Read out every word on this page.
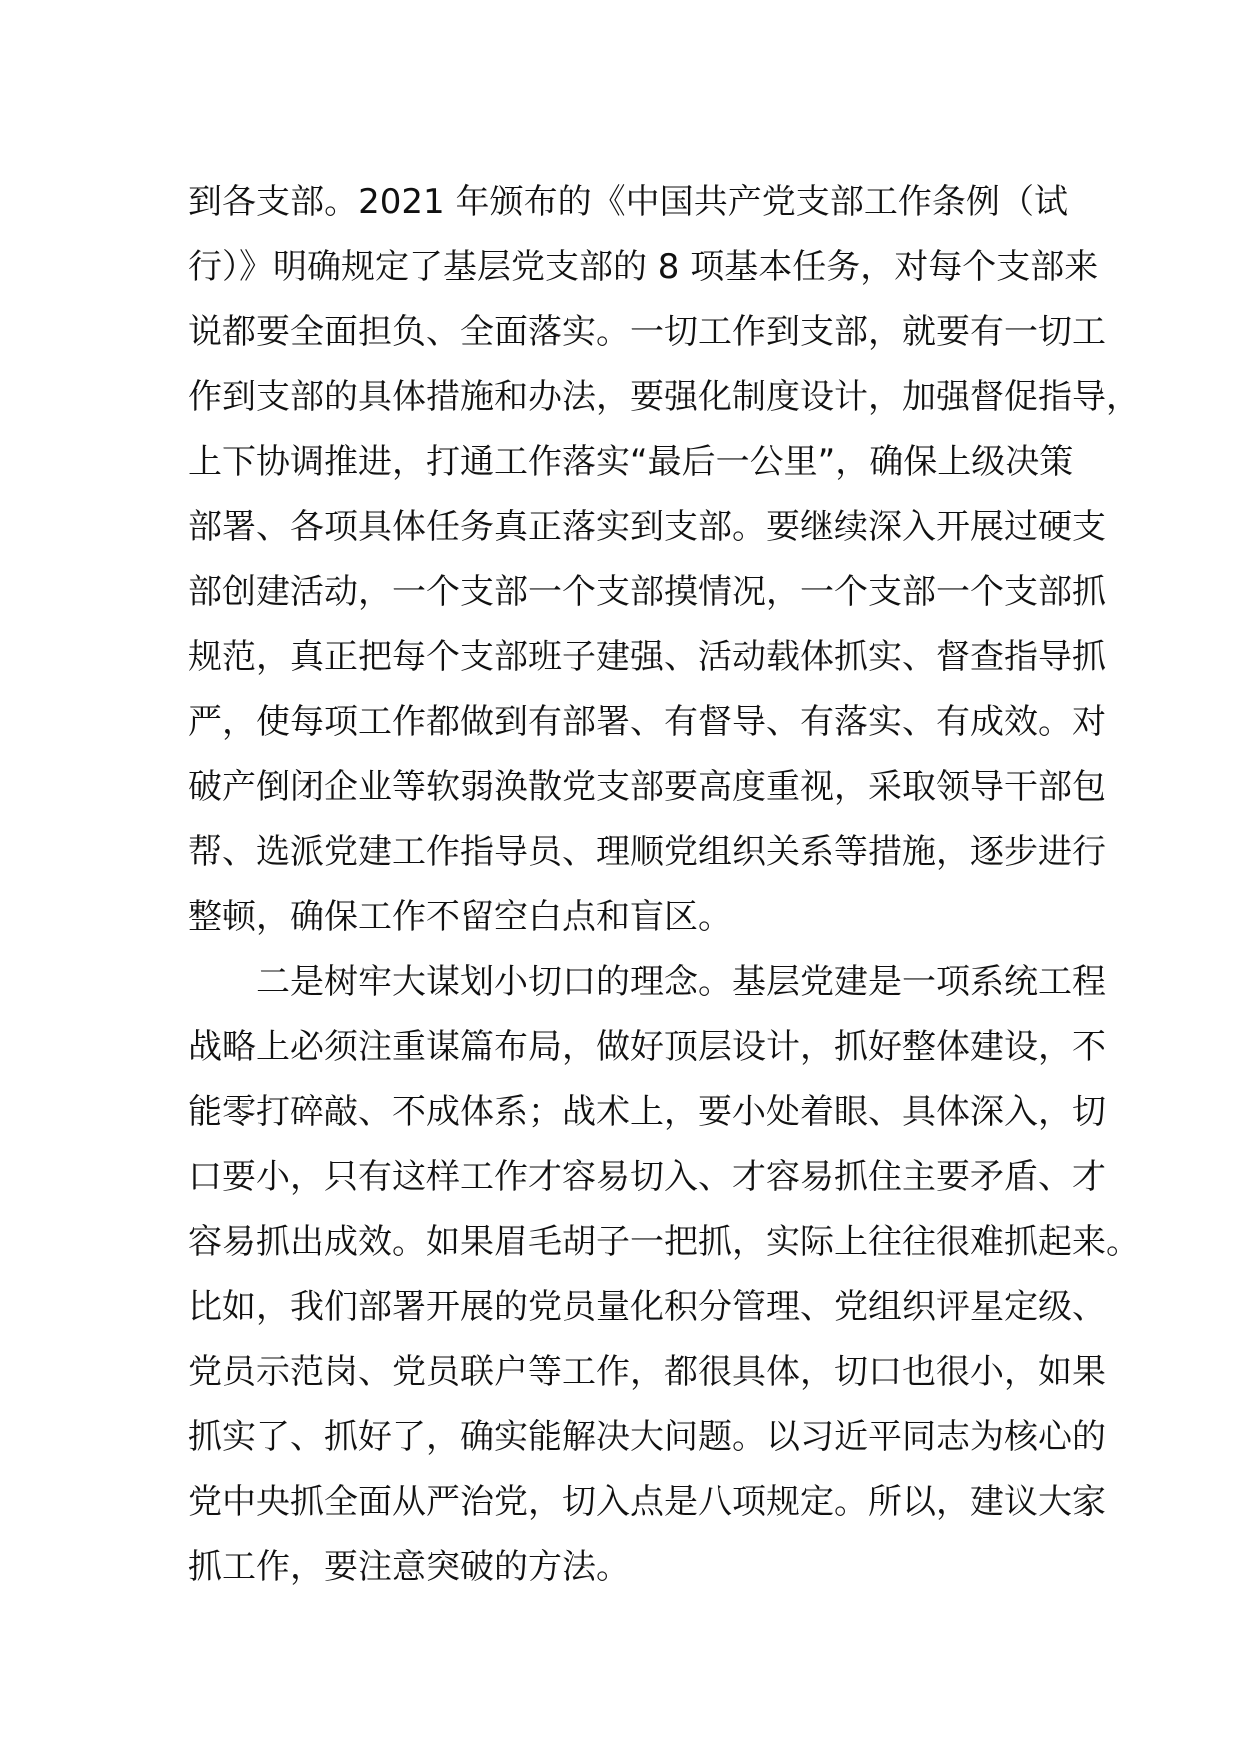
到各支部。2021 年颁布的《中国共产党支部工作条例（试
行）》明确规定了基层党支部的 8 项基本任务，对每个支部来
说都要全面担负、全面落实。一切工作到支部，就要有一切工
作到支部的具体措施和办法，要强化制度设计，加强督促指导，
上下协调推进，打通工作落实“最后一公里”，确保上级决策
部署、各项具体任务真正落实到支部。要继续深入开展过硬支
部创建活动，一个支部一个支部摸情况，一个支部一个支部抓
规范，真正把每个支部班子建强、活动载体抓实、督查指导抓
严，使每项工作都做到有部署、有督导、有落实、有成效。对
破产倒闭企业等软弱涣散党支部要高度重视，采取领导干部包
帮、选派党建工作指导员、理顺党组织关系等措施，逐步进行
整顿，确保工作不留空白点和盲区。
二是树牢大谋划小切口的理念。基层党建是一项系统工程
战略上必须注重谋篇布局，做好顶层设计，抓好整体建设，不
能零打碎敲、不成体系；战术上，要小处着眼、具体深入，切
口要小，只有这样工作才容易切入、才容易抓住主要矛盾、才
容易抓出成效。如果眉毛胡子一把抓，实际上往往很难抓起来。
比如，我们部署开展的党员量化积分管理、党组织评星定级、
党员示范岗、党员联户等工作，都很具体，切口也很小，如果
抓实了、抓好了，确实能解决大问题。以习近平同志为核心的
党中央抓全面从严治党，切入点是八项规定。所以，建议大家
抓工作，要注意突破的方法。
